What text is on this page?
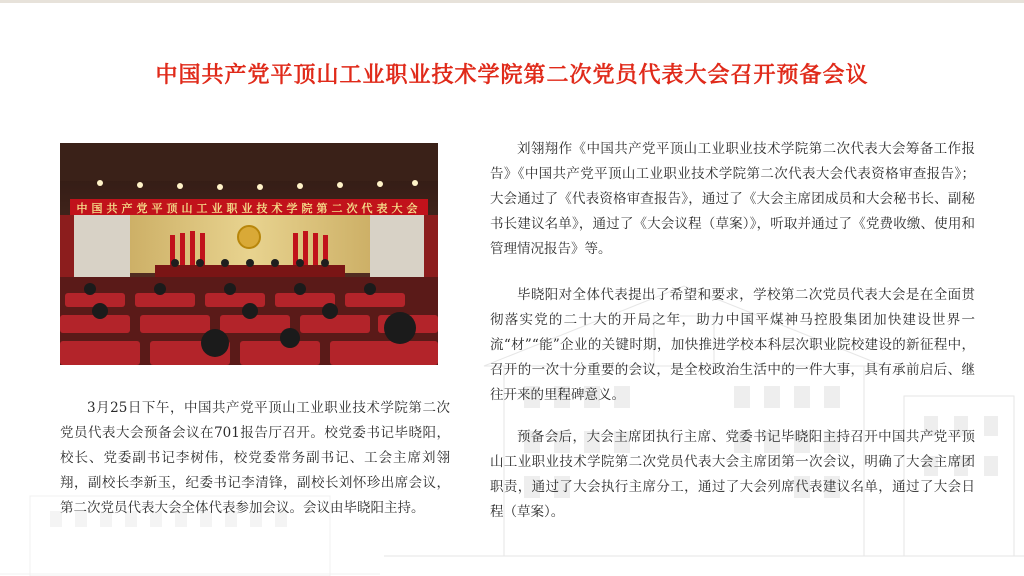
中国共产党平顶山工业职业技术学院第二次党员代表大会召开预备会议
中国共产党平顶山工业职业技术学院第二次代表大会

3月25日下午，中国共产党平顶山工业职业技术学院第二次党员代表大会预备会议在701报告厅召开。校党委书记毕晓阳，校长、党委副书记李树伟，校党委常务副书记、工会主席刘翎翔，副校长李新玉，纪委书记李清锋，副校长刘怀珍出席会议，第二次党员代表大会全体代表参加会议。会议由毕晓阳主持。

刘翎翔作《中国共产党平顶山工业职业技术学院第二次代表大会筹备工作报告》《中国共产党平顶山工业职业技术学院第二次代表大会代表资格审查报告》；大会通过了《代表资格审查报告》，通过了《大会主席团成员和大会秘书长、副秘书长建议名单》，通过了《大会议程（草案）》，听取并通过了《党费收缴、使用和管理情况报告》等。

毕晓阳对全体代表提出了希望和要求，学校第二次党员代表大会是在全面贯彻落实党的二十大的开局之年，助力中国平煤神马控股集团加快建设世界一流“材”“能”企业的关键时期，加快推进学校本科层次职业院校建设的新征程中，召开的一次十分重要的会议，是全校政治生活中的一件大事，具有承前启后、继往开来的里程碑意义。

预备会后，大会主席团执行主席、党委书记毕晓阳主持召开中国共产党平顶山工业职业技术学院第二次党员代表大会主席团第一次会议，明确了大会主席团职责，通过了大会执行主席分工，通过了大会列席代表建议名单，通过了大会日程（草案）。
